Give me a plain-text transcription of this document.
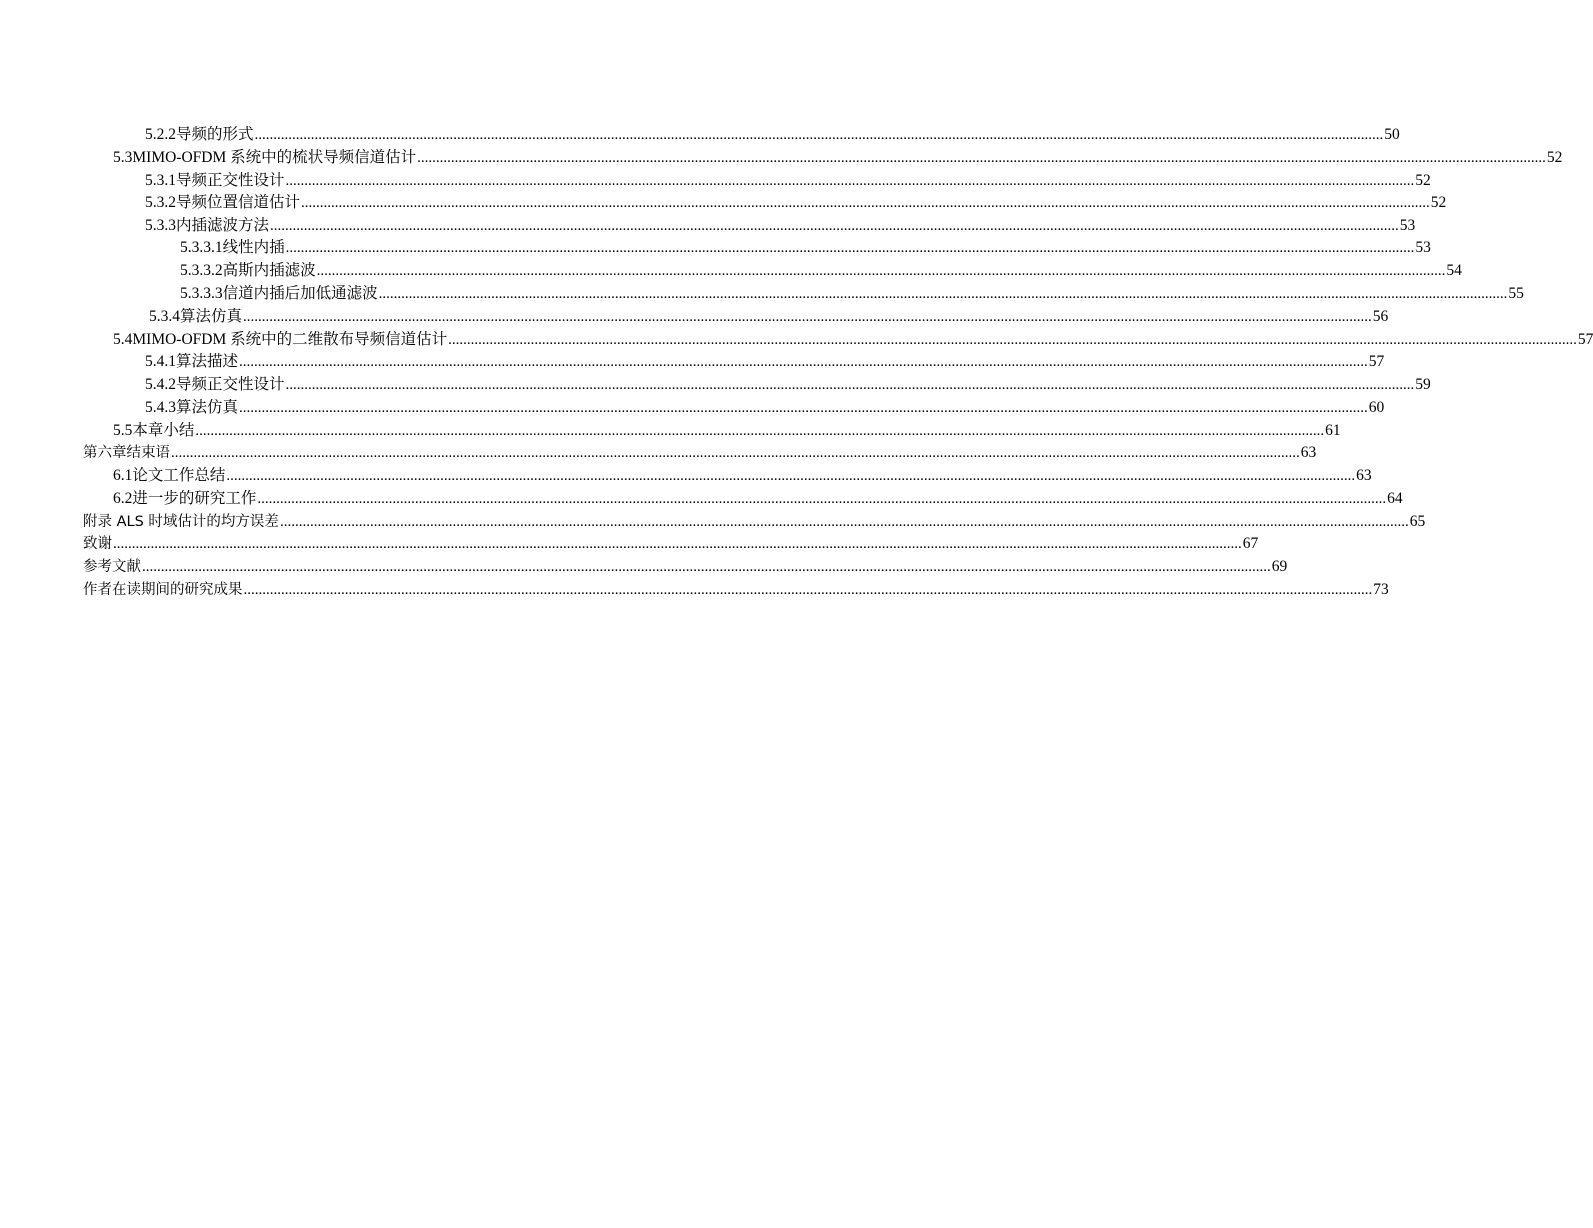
5.2.2 导频的形式 .....	50
5.3 MIMO-OFDM 系统中的梳状导频信道估计 .....	52
5.3.1 导频正交性设计 .....	52
5.3.2 导频位置信道估计 .....	52
5.3.3 内插滤波方法 .....	53
5.3.3.1 线性内插 .....	53
5.3.3.2 高斯内插滤波 .....	54
5.3.3.3 信道内插后加低通滤波 .....	55
5.3.4 算法仿真 .....	56
5.4 MIMO-OFDM 系统中的二维散布导频信道估计 .....	57
5.4.1 算法描述 .....	57
5.4.2 导频正交性设计 .....	59
5.4.3 算法仿真 .....	60
5.5 本章小结 .....	61
第六章 结束语 .....	63
6.1 论文工作总结 .....	63
6.2 进一步的研究工作 .....	64
附录 A LS 时域估计的均方误差 .....	65
致谢 .....	67
参考文献 .....	69
作者在读期间的研究成果 .....	73
